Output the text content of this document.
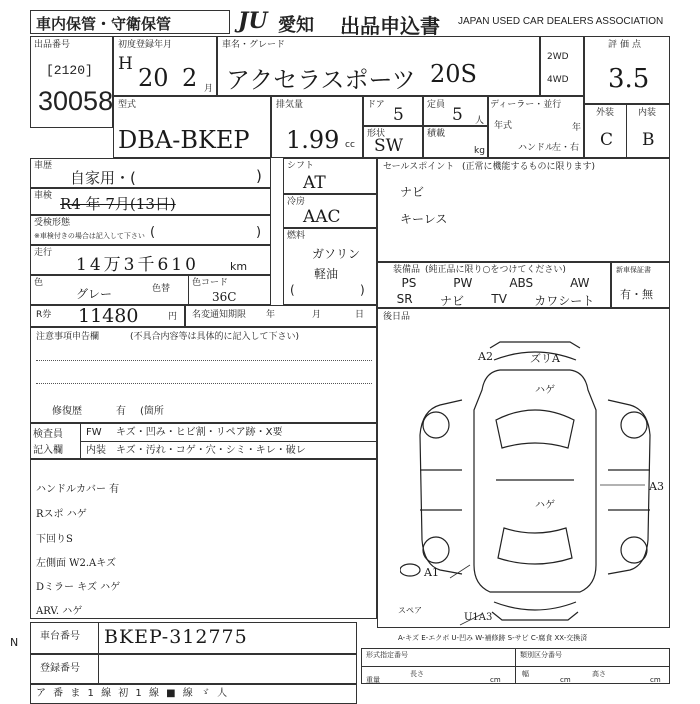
車内保管・守衛保管	JU 愛知 出品申込書 JAPAN USED CAR DEALERS ASSOCIATION
出品番号
[2120]
30058
初度登録年月
H 20 2 月
車名・グレード
アクセラスポーツ 20S
2WD
4WD
評価点
3.5
型式
DBA-BKEP
排気量
1.99 cc
ドア 5	定員 5 人
形状
SW
積載
kg
ディーラー・並行
年式	年
ハンドル
左・右
外装	内装
C B
車歴
自家用・(	)
車検 R4 年 7月(13日)
受検形態
※車検付きの場合は記入して下さい (	)
走行
14万3千610	km
色
グレー	色替
色コード
36C
シフト
AT
冷房
AAC
燃料
ガソリン
軽油
(	)
セールスポイント (正常に機能するものに限ります)
ナビ
キーレス
装備品 (純正品に限り○をつけてください)
PS	PW	ABS	AW
SR ナビ TV カワシート
新車保証書
有・無
R券 11480	円 名変通知期限 年	月	日
注意事項申告欄	(不具合内容等は具体的に記入して下さい)
修復歴	有 (箇所
検査員
記入欄
FW キズ・凹み・ヒビ割・リペア跡・X要
内装 キズ・汚れ・コゲ・穴・シミ・キレ・破レ
ハンドルカバー 有
Rスポ ハゲ
下回りS
左側面 W2.Aキズ
Dミラー キズ ハゲ
ARV. ハゲ
後日品
A2	ズリA
ハゲ
ハゲ
A3
A1
U1A3
スペア
A-キズ E-エクボ U-凹み W-補修跡 S-サビ C-腐食 XX-交換済
N 車台番号 BKEP-312775
登録番号
形式指定番号	類別区分番号
長さ
cm
幅
cm
高さ
cm
重量
ア 番 ま 1 線 初 1 線 ■ 線 ゞ 人
